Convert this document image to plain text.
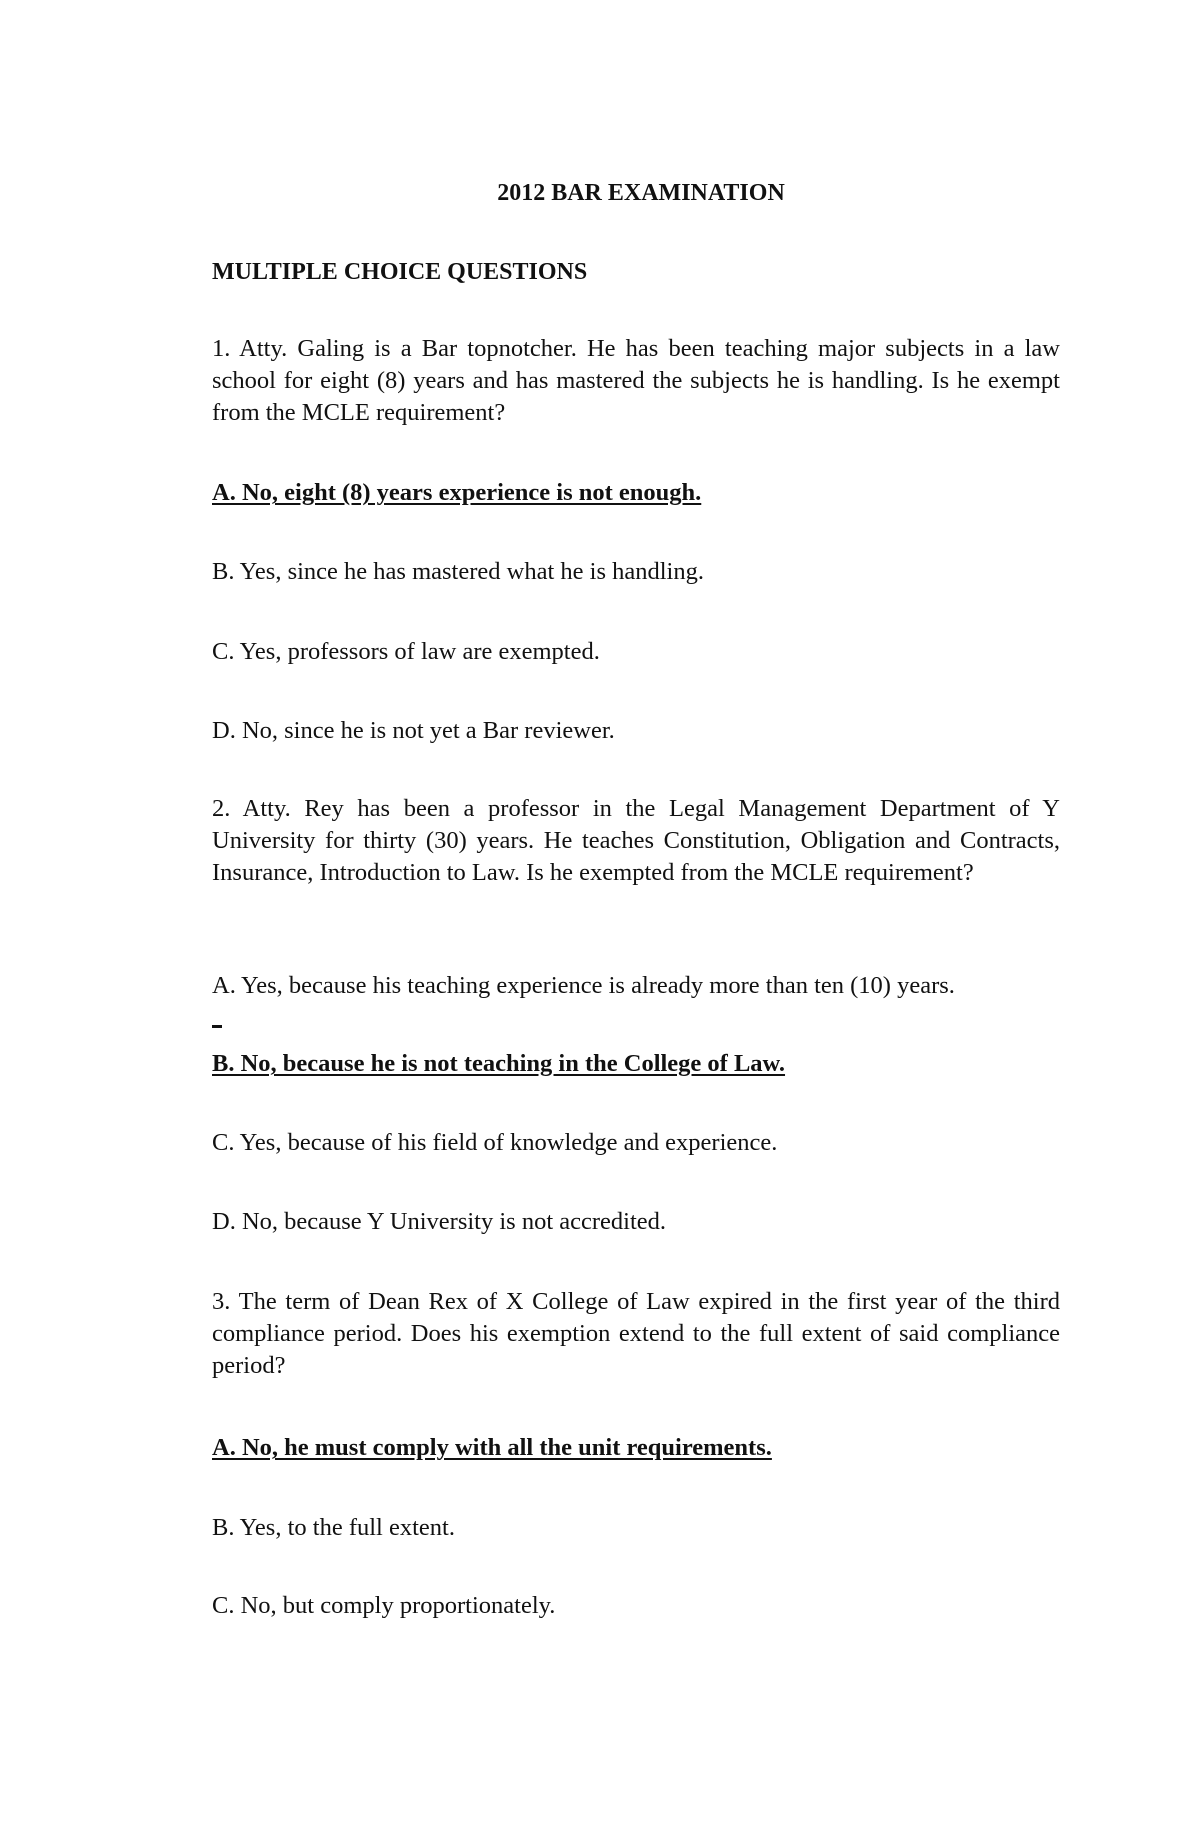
2012 BAR EXAMINATION
MULTIPLE CHOICE QUESTIONS

1. Atty. Galing is a Bar topnotcher. He has been teaching major subjects in a law school for eight (8) years and has mastered the subjects he is handling. Is he exempt from the MCLE requirement?

A. No, eight (8) years experience is not enough.

B. Yes, since he has mastered what he is handling.

C. Yes, professors of law are exempted.

D. No, since he is not yet a Bar reviewer.

2. Atty. Rey has been a professor in the Legal Management Department of Y University for thirty (30) years. He teaches Constitution, Obligation and Contracts, Insurance, Introduction to Law. Is he exempted from the MCLE requirement?

A. Yes, because his teaching experience is already more than ten (10) years.

B. No, because he is not teaching in the College of Law.

C. Yes, because of his field of knowledge and experience.

D. No, because Y University is not accredited.

3. The term of Dean Rex of X College of Law expired in the first year of the third compliance period. Does his exemption extend to the full extent of said compliance period?

A. No, he must comply with all the unit requirements.

B. Yes, to the full extent.

C. No, but comply proportionately.
